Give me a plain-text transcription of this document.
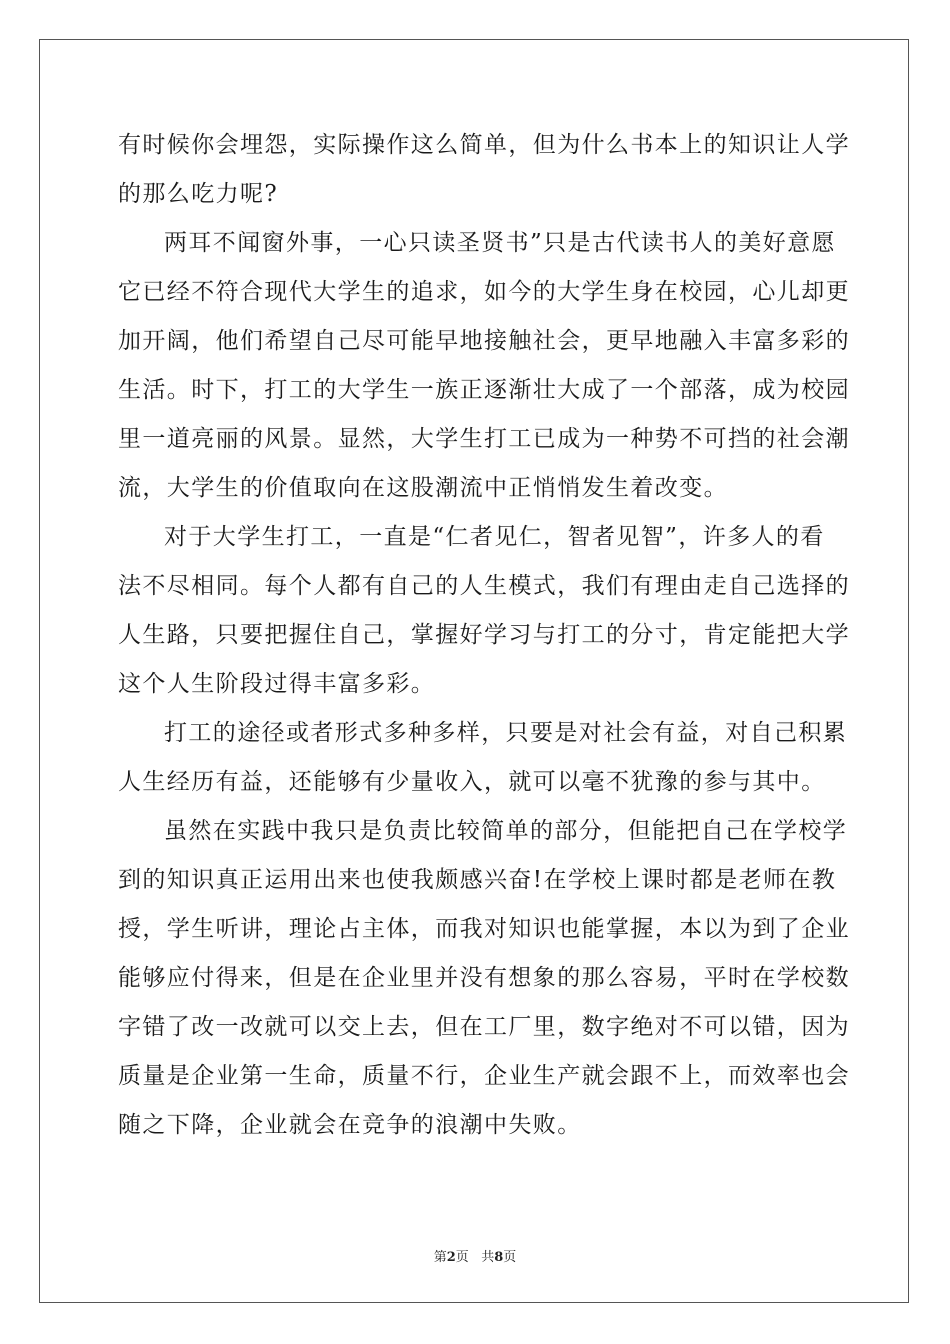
有时候你会埋怨，实际操作这么简单，但为什么书本上的知识让人学
的那么吃力呢?
两耳不闻窗外事，一心只读圣贤书”只是古代读书人的美好意愿
它已经不符合现代大学生的追求，如今的大学生身在校园，心儿却更
加开阔，他们希望自己尽可能早地接触社会，更早地融入丰富多彩的
生活。时下，打工的大学生一族正逐渐壮大成了一个部落，成为校园
里一道亮丽的风景。显然，大学生打工已成为一种势不可挡的社会潮
流，大学生的价值取向在这股潮流中正悄悄发生着改变。
对于大学生打工，一直是“仁者见仁，智者见智”，许多人的看
法不尽相同。每个人都有自己的人生模式，我们有理由走自己选择的
人生路，只要把握住自己，掌握好学习与打工的分寸，肯定能把大学
这个人生阶段过得丰富多彩。
打工的途径或者形式多种多样，只要是对社会有益，对自己积累
人生经历有益，还能够有少量收入，就可以毫不犹豫的参与其中。
虽然在实践中我只是负责比较简单的部分，但能把自己在学校学
到的知识真正运用出来也使我颇感兴奋!在学校上课时都是老师在教
授，学生听讲，理论占主体，而我对知识也能掌握，本以为到了企业
能够应付得来，但是在企业里并没有想象的那么容易，平时在学校数
字错了改一改就可以交上去，但在工厂里，数字绝对不可以错，因为
质量是企业第一生命，质量不行，企业生产就会跟不上，而效率也会
随之下降，企业就会在竞争的浪潮中失败。
第2页   共8页
